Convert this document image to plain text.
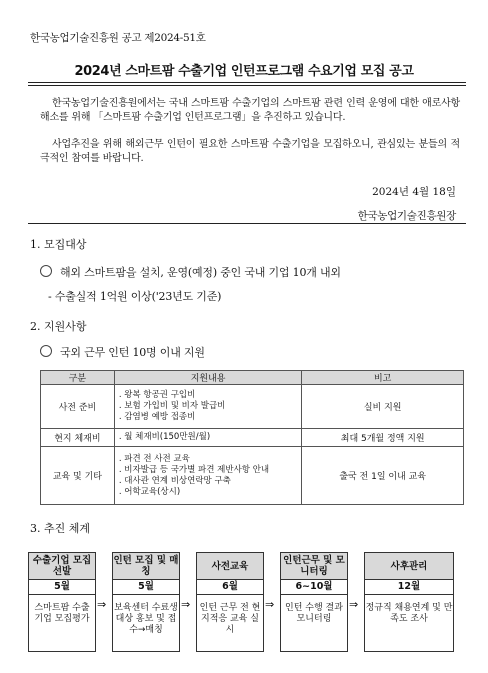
한국농업기술진흥원 공고 제2024-51호
2024년 스마트팜 수출기업 인턴프로그램 수요기업 모집 공고
한국농업기술진흥원에서는 국내 스마트팜 수출기업의 스마트팜 관련 인력 운영에 대한 애로사항 해소를 위해 「스마트팜 수출기업 인턴프로그램」을 추진하고 있습니다.
사업추진을 위해 해외근무 인턴이 필요한 스마트팜 수출기업을 모집하오니, 관심있는 분들의 적극적인 참여를 바랍니다.
2024년 4월 18일
한국농업기술진흥원장
1. 모집대상
해외 스마트팜을 설치, 운영(예정) 중인 국내 기업 10개 내외
- 수출실적 1억원 이상('23년도 기준)
2. 지원사항
국외 근무 인턴 10명 이내 지원
구분	지원내용	비고
사전 준비	. 왕복 항공권 구입비
. 보험 가입비 및 비자 발급비
. 감염병 예방 접종비	실비 지원
현지 체재비	. 월 체재비(150만원/월)	최대 5개월 정액 지원
교육 및 기타	. 파견 전 사전 교육
. 비자발급 등 국가별 파견 제반사항 안내
. 대사관 연계 비상연락망 구축
. 어학교육(상시)	출국 전 1일 이내 교육
3. 추진 체계
수출기업 모집선발
5월
스마트팜 수출 기업 모집평가
⇒
인턴 모집 및 매칭
5월
보육센터 수료생 대상 홍보 및 접수→매칭
⇒
사전교육
6월
인턴 근무 전 현지적응 교육 실시
⇒
인턴근무 및 모니터링
6~10월
인턴 수행 결과 모니터링
⇒
사후관리
12월
정규직 채용연계 및 만족도 조사
